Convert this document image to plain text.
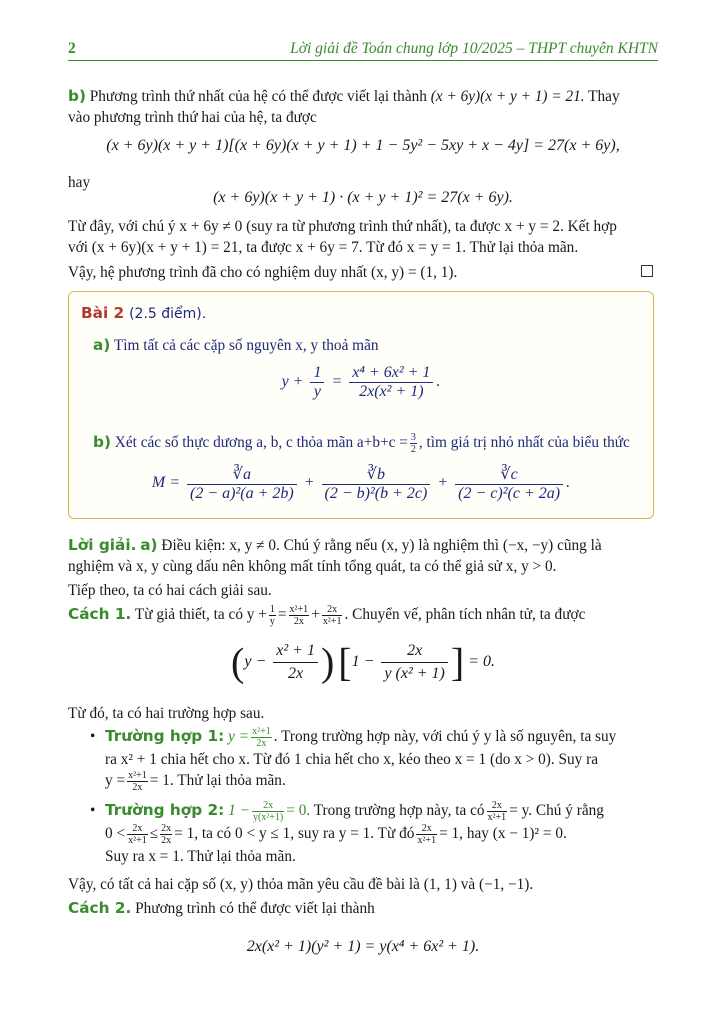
2	Lời giải đề Toán chung lớp 10/2025 – THPT chuyên KHTN
b) Phương trình thứ nhất của hệ có thể được viết lại thành (x + 6y)(x + y + 1) = 21. Thay
vào phương trình thứ hai của hệ, ta được
(x + 6y)(x + y + 1)[(x + 6y)(x + y + 1) + 1 − 5y² − 5xy + x − 4y] = 27(x + 6y),
hay
(x + 6y)(x + y + 1) · (x + y + 1)² = 27(x + 6y).
Từ đây, với chú ý x + 6y ≠ 0 (suy ra từ phương trình thứ nhất), ta được x + y = 2. Kết hợp
với (x + 6y)(x + y + 1) = 21, ta được x + 6y = 7. Từ đó x = y = 1. Thử lại thỏa mãn.
Vậy, hệ phương trình đã cho có nghiệm duy nhất (x, y) = (1, 1).
Bài 2 (2.5 điểm).
a) Tìm tất cả các cặp số nguyên x, y thoả mãn
$y + \frac{1}{y} = \frac{\text{x⁴ + 6x² + 1}}{\text{2x(x² + 1)}}$ .
b) Xét các số thực dương a, b, c thỏa mãn $a+b+c = \frac{3}{2}$ , tìm giá trị nhỏ nhất của biểu thức
$M = \frac{∛a}{\text{(2 − a)²(a + 2b)}} + \frac{∛b}{\text{(2 − b)²(b + 2c)}} + \frac{∛c}{\text{(2 − c)²(c + 2a)}}$ .
Lời giải. a) Điều kiện: x, y ≠ 0. Chú ý rằng nếu (x, y) là nghiệm thì (−x, −y) cũng là
nghiệm và x, y cùng dấu nên không mất tính tổng quát, ta có thể giả sử x, y > 0.
Tiếp theo, ta có hai cách giải sau.
Cách 1. Từ giả thiết, ta có $y + \frac{1}{y} = \frac{\text{x²+1}}{2x} + \frac{2x}{\text{x²+1}}$ . Chuyển vế, phân tích nhân tử, ta được
($y - \frac{\text{x² + 1}}{2x}$ ) [$1 - \frac{2x}{\text{y (x² + 1)}}$ ] = 0.
Từ đó, ta có hai trường hợp sau.
• Trường hợp 1: $y = \frac{\text{x²+1}}{2x}$ . Trong trường hợp này, với chú ý y là số nguyên, ta suy
ra x² + 1 chia hết cho x. Từ đó 1 chia hết cho x, kéo theo x = 1 (do x > 0). Suy ra
$y = \frac{\text{x²+1}}{2x} = 1$. Thử lại thỏa mãn.
• Trường hợp 2: $1 - \frac{2x}{\text{y(x²+1)}} = 0$. Trong trường hợp này, ta có $\frac{2x}{\text{x²+1}} = y$. Chú ý rằng
$0 < \frac{2x}{\text{x²+1}} \le \frac{2x}{2x} = 1$, ta có 0 < y ≤ 1, suy ra y = 1. Từ đó $\frac{2x}{\text{x²+1}} = 1$, hay (x − 1)² = 0.
Suy ra x = 1. Thử lại thỏa mãn.
Vậy, có tất cả hai cặp số (x, y) thỏa mãn yêu cầu đề bài là (1, 1) và (−1, −1).
Cách 2. Phương trình có thể được viết lại thành
2x(x² + 1)(y² + 1) = y(x⁴ + 6x² + 1).
